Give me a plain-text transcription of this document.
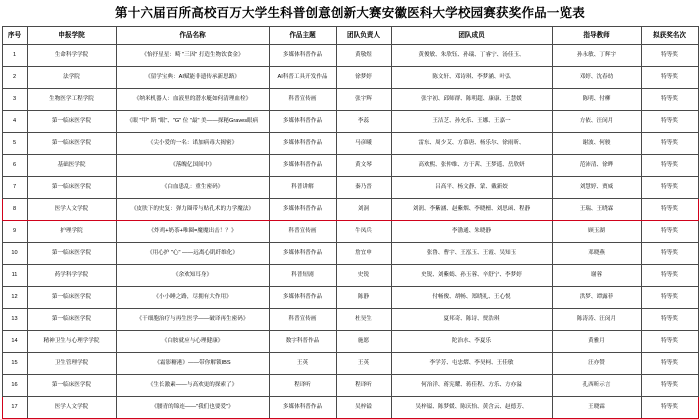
第十六届百所高校百万大学生科普创意创新大赛安徽医科大学校园赛获奖作品一览表
序号	申报学院	作品名称	作品主题	团队负责人	团队成员	指导教师	拟获奖名次
1	生命科学学院	《怡抒星星：畸 "三因" 打造生物饮食金》	多媒体科普作品	黄敬煜	黄俊敏、朱欣钰、孙瑞、丁睿宁、汤佳玉、	孙永敏、丁辉宇	特等奖
2	法学院	《留学宝典：AI赋能非遗传承新思路》	AI科普工具开发作品	徐梦婷	陈文轩、邓诗琪、李梦涵、叶弘	邓婷、沈春幼	特等奖
3	生物医学工程学院	《纳米机器人：血液里的潜水艇如何清理血栓》	科普宣传画	张宇辉	张宇初、邱师群、陈明超、康康、王慧媛	陈明、付柳	特等奖
4	第一临床医学院	《眼 "甲" 斯 "眼"、"G" 位 "最" 美——探秘Graves眼病	多媒体科普作品	李蕊	王洁芝、孙允乐、王娜、王嘉一	方依、汪闵月	特等奖
5	第一临床医学院	《尖小爱的一名：诺加病毒大揭密》	多媒体科普作品	马彦曦	雷东、周少艾、方慕唐、杨乐尔、徐雨昕、	谢波、何骏	特等奖
6	基础医学院	《落魄亿国间中》	多媒体科普作品	黄文琴	高欢熙、张仲维、方于茜、王梦遥、岳欣妍	范沛清、徐晔	特等奖
7	第一临床医学院	《白血患乱：重生密码》	科普讲解	秦乃晋	吕高平、杨文静、蒙、戴新姣	刘慧婷、贾威	特等奖
8	医学人文学院	《皮肤下的史复：弹力圈带与贴孔术的力学魔法》	多媒体科普作品	刘洞	刘润、李紫涵、赵紫烟、李晓檀、刘思函、程静	王瑞、王晓霖	特等奖
9	护理学院	《炸鸡+奶茶+唯圈=魔魔出击！？》	科普宣传画	牛凤兵	李渤通、朱晓静	顾玉湖	特等奖
10	第一临床医学院	《用心护 "心" ——远离心肌纤维化》	多媒体科普作品	詹宜申	张鲁、曹宇、王泓玉、王霞、吴知玉	邓晓燕	特等奖
11	药学科学学院	《余欢知耳身》	科普短剧	史锐	史锐、刘紫嫣、孙玉蓉、辛舒宁、李梦婷	谢蓉	特等奖
12	第一临床医学院	《小小睡之路，尽拥有大作用》	多媒体科普作品	陈静	付畅俊、胡畅、郑晓礼、王心悦	洪梦、谭露菲	特等奖
13	第一临床医学院	《干细胞治疗与再生医学——破译再生密码》	科普宣传画	杜昊生	夏邦奇、陈诗、贾浩琪	陈涛涛、汪闵月	特等奖
14	精神卫生与心理学学院	《白胺就应与心理健康》	数字科普作品	施愿	陀治水、李夏乐	黄雅月	特等奖
15	卫生管理学院	《霜影糖港》——带你解锁IBS	王英	王英	李学芳、屯忠熠、李昊柯、王佳敏	汪亦赞	特等奖
16	第一临床医学院	《生长激素——与高欢更的探索了》	程译听	程译听	何治洋、蒋宪耀、蒋佳程、方乐、方亦溢	孔西昕示言	特等奖
17	医学人文学院	《腰青的锦连——"我们也要爱"》	多媒体科普作品	吴梓镒	吴梓镒、陈梦媛、陈庆怡、黄含云、赵德芳、	王晓霖	特等奖
